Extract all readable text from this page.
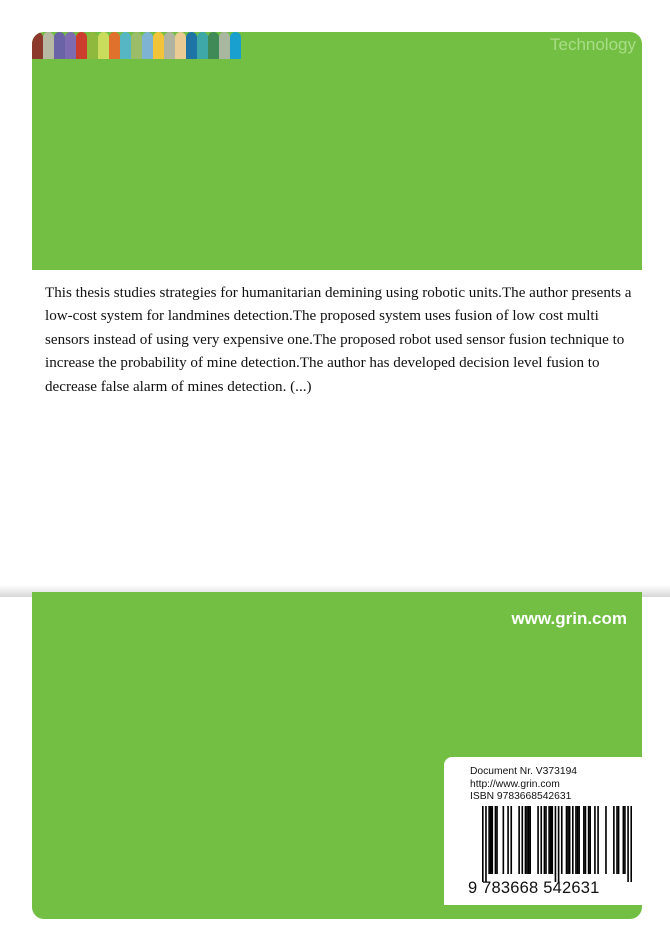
Technology

This thesis studies strategies for humanitarian demining using robotic units.The author presents a low-cost system for landmines detection.The proposed system uses fusion of low cost multi sensors instead of using very expensive one.The proposed robot used sensor fusion technique to increase the probability of mine detection.The author has developed decision level fusion to decrease false alarm of mines detection. (...)

www.grin.com
Document Nr. V373194
http://www.grin.com
ISBN 9783668542631
9 783668 542631
